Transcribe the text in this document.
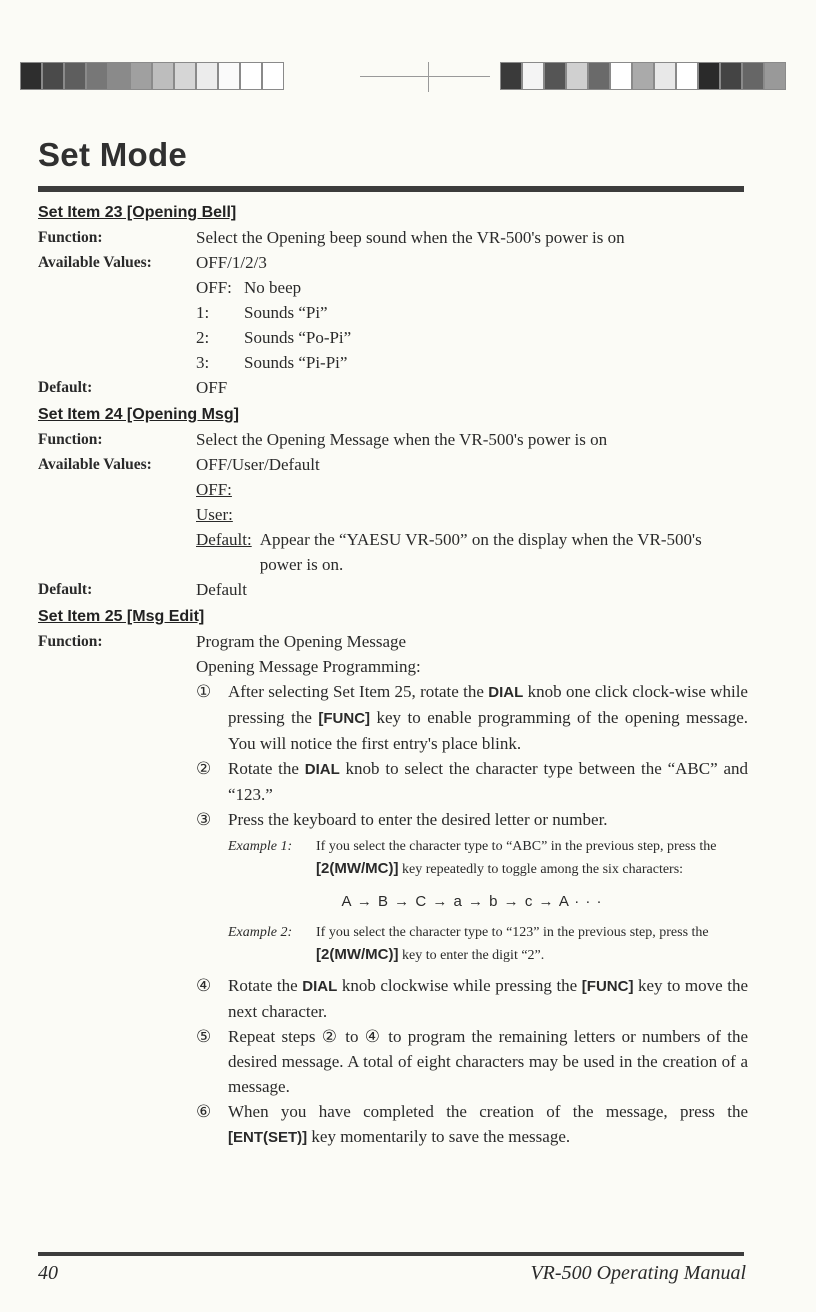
Set Mode
Set Item 23 [Opening Bell]
Function:	Select the Opening beep sound when the VR-500's power is on
Available Values:	OFF/1/2/3
OFF: No beep
1:	Sounds “Pi”
2:	Sounds “Po-Pi”
3:	Sounds “Pi-Pi”
Default:	OFF
Set Item 24 [Opening Msg]
Function:	Select the Opening Message when the VR-500's power is on
Available Values:	OFF/User/Default
OFF:
User:
Default: Appear the “YAESU VR-500” on the display when the VR-500's power is on.
Default:	Default
Set Item 25 [Msg Edit]
Function:	Program the Opening Message
Opening Message Programming:
① After selecting Set Item 25, rotate the DIAL knob one click clock-wise while pressing the [FUNC] key to enable programming of the opening message. You will notice the first entry's place blink.
② Rotate the DIAL knob to select the character type between the “ABC” and “123.”
③ Press the keyboard to enter the desired letter or number.
Example 1:	If you select the character type to “ABC” in the previous step, press the [2(MW/MC)] key repeatedly to toggle among the six characters:
A → B → C → a → b → c → A · · ·
Example 2:	If you select the character type to “123” in the previous step, press the [2(MW/MC)] key to enter the digit “2”.
④ Rotate the DIAL knob clockwise while pressing the [FUNC] key to move the next character.
⑤ Repeat steps ② to ④ to program the remaining letters or numbers of the desired message. A total of eight characters may be used in the creation of a message.
⑥ When you have completed the creation of the message, press the [ENT(SET)] key momentarily to save the message.
40	VR-500 Operating Manual
